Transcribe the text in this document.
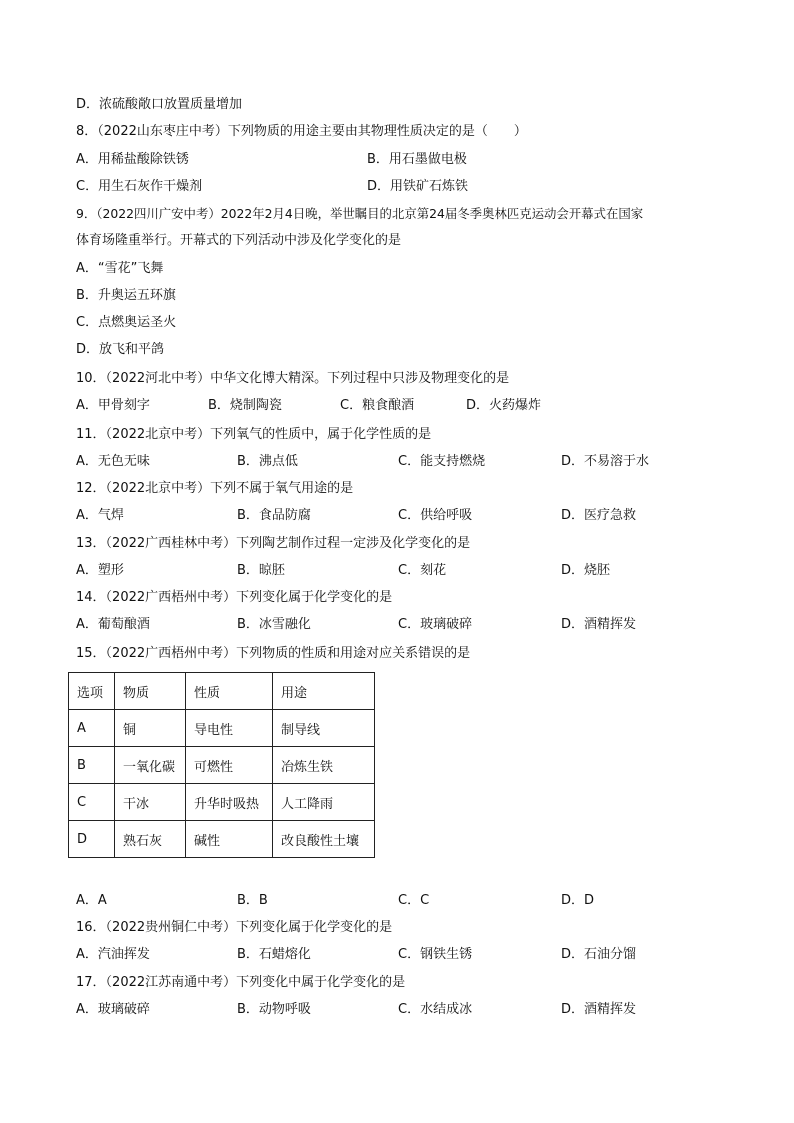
D．浓硫酸敞口放置质量增加
8．（2022山东枣庄中考）下列物质的用途主要由其物理性质决定的是（　　）
A．用稀盐酸除铁锈	B．用石墨做电极
C．用生石灰作干燥剂	D．用铁矿石炼铁
9．（2022四川广安中考）2022年2月4日晚，举世瞩目的北京第24届冬季奥林匹克运动会开幕式在国家
体育场隆重举行。开幕式的下列活动中涉及化学变化的是
A．“雪花”飞舞
B．升奥运五环旗
C．点燃奥运圣火
D．放飞和平鸽
10．（2022河北中考）中华文化博大精深。下列过程中只涉及物理变化的是
A．甲骨刻字	B．烧制陶瓷	C．粮食酿酒	D．火药爆炸
11．（2022北京中考）下列氧气的性质中，属于化学性质的是
A．无色无味	B．沸点低	C．能支持燃烧	D．不易溶于水
12．（2022北京中考）下列不属于氧气用途的是
A．气焊	B．食品防腐	C．供给呼吸	D．医疗急救
13．（2022广西桂林中考）下列陶艺制作过程一定涉及化学变化的是
A．塑形	B．晾胚	C．刻花	D．烧胚
14．（2022广西梧州中考）下列变化属于化学变化的是
A．葡萄酿酒	B．冰雪融化	C．玻璃破碎	D．酒精挥发
15．（2022广西梧州中考）下列物质的性质和用途对应关系错误的是
选项	物质	性质	用途
A	铜	导电性	制导线
B	一氧化碳	可燃性	冶炼生铁
C	干冰	升华时吸热	人工降雨
D	熟石灰	碱性	改良酸性土壤
A．A	B．B	C．C	D．D
16．（2022贵州铜仁中考）下列变化属于化学变化的是
A．汽油挥发	B．石蜡熔化	C．钢铁生锈	D．石油分馏
17．（2022江苏南通中考）下列变化中属于化学变化的是
A．玻璃破碎	B．动物呼吸	C．水结成冰	D．酒精挥发
